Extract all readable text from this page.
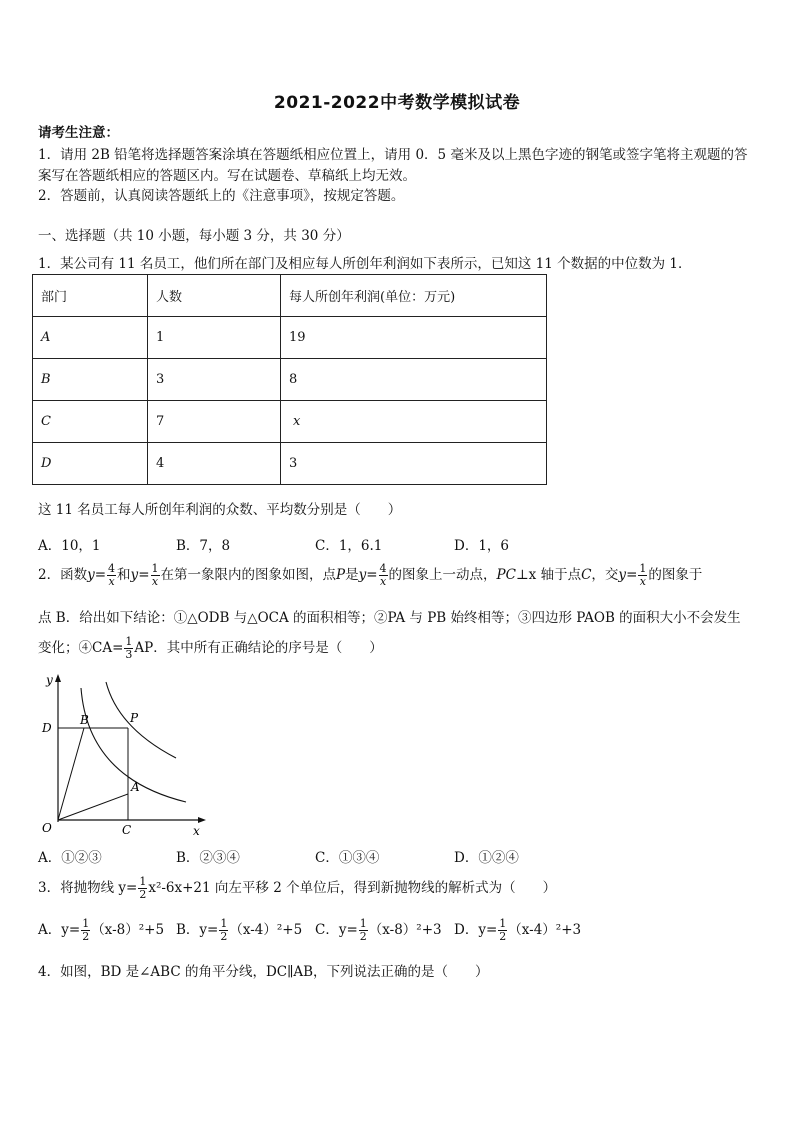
2021-2022中考数学模拟试卷
请考生注意：
1．请用 2B 铅笔将选择题答案涂填在答题纸相应位置上，请用 0．5 毫米及以上黑色字迹的钢笔或签字笔将主观题的答
案写在答题纸相应的答题区内。写在试题卷、草稿纸上均无效。
2．答题前，认真阅读答题纸上的《注意事项》，按规定答题。
一、选择题（共 10 小题，每小题 3 分，共 30 分）
1．某公司有 11 名员工，他们所在部门及相应每人所创年利润如下表所示，已知这 11 个数据的中位数为 1．
部门	人数	每人所创年利润(单位：万元)
A	1	19
B	3	8
C	7	x
D	4	3
这 11 名员工每人所创年利润的众数、平均数分别是（　　）
A．10，1	B．7，8	C．1，6.1	D．1，6
2．函数$y= \frac{4}{x}$ 和$y= \frac{1}{x}$ 在第一象限内的图象如图，点P是$y= \frac{4}{x}$ 的图象上一动点，PC⊥x 轴于点C，交$y= \frac{1}{x}$ 的图象于
点 B．给出如下结论：①△ODB 与△OCA 的面积相等；②PA 与 PB 始终相等；③四边形 PAOB 的面积大小不会发生
变化；④CA= $\frac{1}{3}$ AP．其中所有正确结论的序号是（　　）
y
x
O
D
B	P
A
C
A．①②③	B．②③④	C．①③④	D．①②④
3．将抛物线 $y= \frac{1}{2} x^2-6x+21$ 向左平移 2 个单位后，得到新抛物线的解析式为（　　）
A．$y= \frac{1}{2} (x-8)^2+5$ B．$y= \frac{1}{2} (x-4)^2+5$ C．$y= \frac{1}{2} (x-8)^2+3$ D．$y= \frac{1}{2} (x-4)^2+3$
4．如图，BD 是∠ABC 的角平分线，DC∥AB，下列说法正确的是（　　）
